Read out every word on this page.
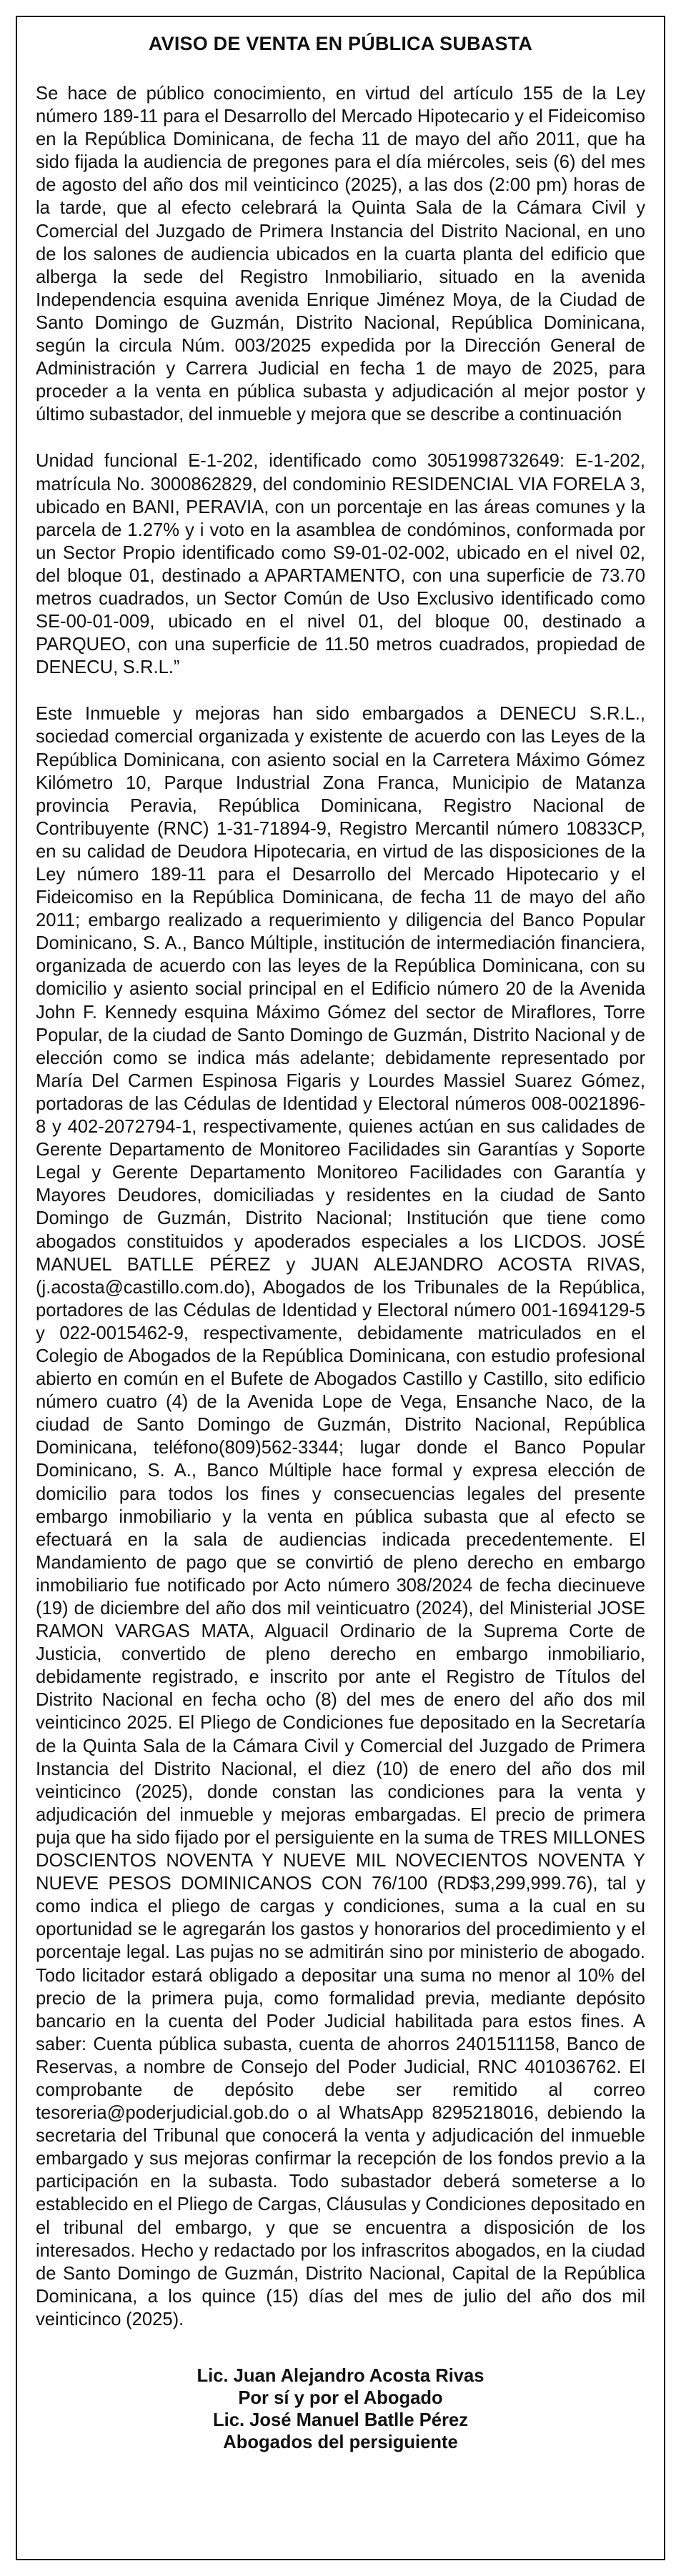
AVISO DE VENTA EN PÚBLICA SUBASTA

Se hace de público conocimiento, en virtud del artículo 155 de la Ley número 189-11 para el Desarrollo del Mercado Hipotecario y el Fideicomiso en la República Dominicana, de fecha 11 de mayo del año 2011, que ha sido fijada la audiencia de pregones para el día miércoles, seis (6) del mes de agosto del año dos mil veinticinco (2025), a las dos (2:00 pm) horas de la tarde, que al efecto celebrará la Quinta Sala de la Cámara Civil y Comercial del Juzgado de Primera Instancia del Distrito Nacional, en uno de los salones de audiencia ubicados en la cuarta planta del edificio que alberga la sede del Registro Inmobiliario, situado en la avenida Independencia esquina avenida Enrique Jiménez Moya, de la Ciudad de Santo Domingo de Guzmán, Distrito Nacional, República Dominicana, según la circula Núm. 003/2025 expedida por la Dirección General de Administración y Carrera Judicial en fecha 1 de mayo de 2025, para proceder a la venta en pública subasta y adjudicación al mejor postor y último subastador, del inmueble y mejora que se describe a continuación

Unidad funcional E-1-202, identificado como 3051998732649: E-1-202, matrícula No. 3000862829, del condominio RESIDENCIAL VIA FORELA 3, ubicado en BANI, PERAVIA, con un porcentaje en las áreas comunes y la parcela de 1.27% y i voto en la asamblea de condóminos, conformada por un Sector Propio identificado como S9-01-02-002, ubicado en el nivel 02, del bloque 01, destinado a APARTAMENTO, con una superficie de 73.70 metros cuadrados, un Sector Común de Uso Exclusivo identificado como SE-00-01-009, ubicado en el nivel 01, del bloque 00, destinado a PARQUEO, con una superficie de 11.50 metros cuadrados, propiedad de DENECU, S.R.L.”

Este Inmueble y mejoras han sido embargados a DENECU S.R.L., sociedad comercial organizada y existente de acuerdo con las Leyes de la República Dominicana, con asiento social en la Carretera Máximo Gómez Kilómetro 10, Parque Industrial Zona Franca, Municipio de Matanza provincia Peravia, República Dominicana, Registro Nacional de Contribuyente (RNC) 1-31-71894-9, Registro Mercantil número 10833CP, en su calidad de Deudora Hipotecaria, en virtud de las disposiciones de la Ley número 189-11 para el Desarrollo del Mercado Hipotecario y el Fideicomiso en la República Dominicana, de fecha 11 de mayo del año 2011; embargo realizado a requerimiento y diligencia del Banco Popular Dominicano, S. A., Banco Múltiple, institución de intermediación financiera, organizada de acuerdo con las leyes de la República Dominicana, con su domicilio y asiento social principal en el Edificio número 20 de la Avenida John F. Kennedy esquina Máximo Gómez del sector de Miraflores, Torre Popular, de la ciudad de Santo Domingo de Guzmán, Distrito Nacional y de elección como se indica más adelante; debidamente representado por María Del Carmen Espinosa Figaris y Lourdes Massiel Suarez Gómez, portadoras de las Cédulas de Identidad y Electoral números 008-0021896-8 y 402-2072794-1, respectivamente, quienes actúan en sus calidades de Gerente Departamento de Monitoreo Facilidades sin Garantías y Soporte Legal y Gerente Departamento Monitoreo Facilidades con Garantía y Mayores Deudores, domiciliadas y residentes en la ciudad de Santo Domingo de Guzmán, Distrito Nacional; Institución que tiene como abogados constituidos y apoderados especiales a los LICDOS. JOSÉ MANUEL BATLLE PÉREZ y JUAN ALEJANDRO ACOSTA RIVAS, (j.acosta@castillo.com.do), Abogados de los Tribunales de la República, portadores de las Cédulas de Identidad y Electoral número 001-1694129-5 y 022-0015462-9, respectivamente, debidamente matriculados en el Colegio de Abogados de la República Dominicana, con estudio profesional abierto en común en el Bufete de Abogados Castillo y Castillo, sito edificio número cuatro (4) de la Avenida Lope de Vega, Ensanche Naco, de la ciudad de Santo Domingo de Guzmán, Distrito Nacional, República Dominicana, teléfono(809)562-3344; lugar donde el Banco Popular Dominicano, S. A., Banco Múltiple hace formal y expresa elección de domicilio para todos los fines y consecuencias legales del presente embargo inmobiliario y la venta en pública subasta que al efecto se efectuará en la sala de audiencias indicada precedentemente. El Mandamiento de pago que se convirtió de pleno derecho en embargo inmobiliario fue notificado por Acto número 308/2024 de fecha diecinueve (19) de diciembre del año dos mil veinticuatro (2024), del Ministerial JOSE RAMON VARGAS MATA, Alguacil Ordinario de la Suprema Corte de Justicia, convertido de pleno derecho en embargo inmobiliario, debidamente registrado, e inscrito por ante el Registro de Títulos del Distrito Nacional en fecha ocho (8) del mes de enero del año dos mil veinticinco 2025. El Pliego de Condiciones fue depositado en la Secretaría de la Quinta Sala de la Cámara Civil y Comercial del Juzgado de Primera Instancia del Distrito Nacional, el diez (10) de enero del año dos mil veinticinco (2025), donde constan las condiciones para la venta y adjudicación del inmueble y mejoras embargadas. El precio de primera puja que ha sido fijado por el persiguiente en la suma de TRES MILLONES DOSCIENTOS NOVENTA Y NUEVE MIL NOVECIENTOS NOVENTA Y NUEVE PESOS DOMINICANOS CON 76/100 (RD$3,299,999.76), tal y como indica el pliego de cargas y condiciones, suma a la cual en su oportunidad se le agregarán los gastos y honorarios del procedimiento y el porcentaje legal. Las pujas no se admitirán sino por ministerio de abogado. Todo licitador estará obligado a depositar una suma no menor al 10% del precio de la primera puja, como formalidad previa, mediante depósito bancario en la cuenta del Poder Judicial habilitada para estos fines. A saber: Cuenta pública subasta, cuenta de ahorros 2401511158, Banco de Reservas, a nombre de Consejo del Poder Judicial, RNC 401036762. El comprobante de depósito debe ser remitido al correo tesoreria@poderjudicial.gob.do o al WhatsApp 8295218016, debiendo la secretaria del Tribunal que conocerá la venta y adjudicación del inmueble embargado y sus mejoras confirmar la recepción de los fondos previo a la participación en la subasta. Todo subastador deberá someterse a lo establecido en el Pliego de Cargas, Cláusulas y Condiciones depositado en el tribunal del embargo, y que se encuentra a disposición de los interesados. Hecho y redactado por los infrascritos abogados, en la ciudad de Santo Domingo de Guzmán, Distrito Nacional, Capital de la República Dominicana, a los quince (15) días del mes de julio del año dos mil veinticinco (2025).

Lic. Juan Alejandro Acosta Rivas
Por sí y por el Abogado
Lic. José Manuel Batlle Pérez
Abogados del persiguiente
